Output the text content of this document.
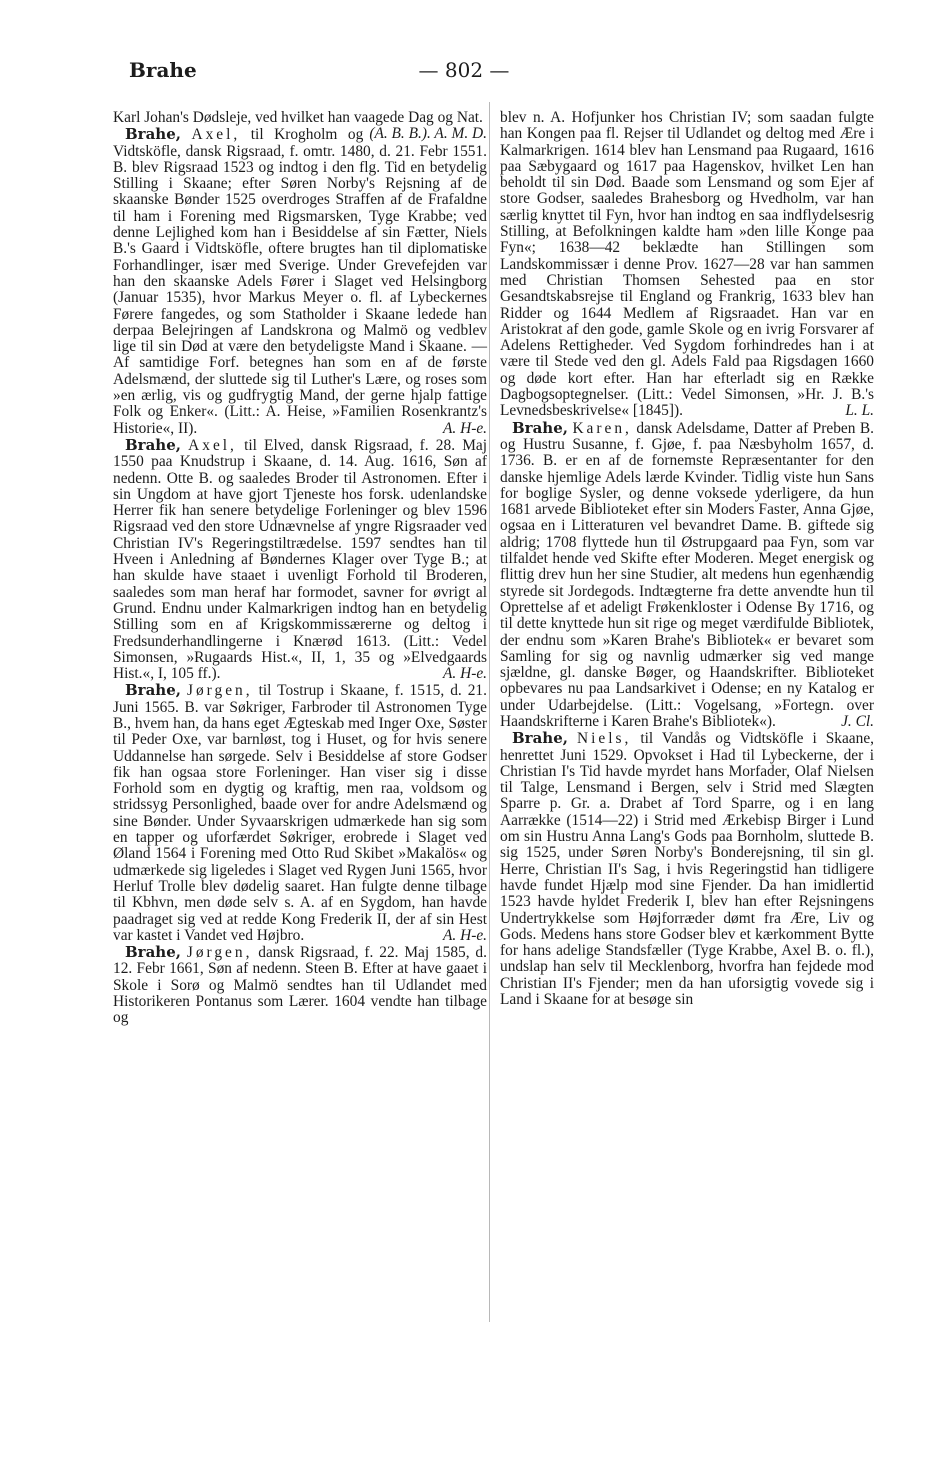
Brahe	— 802 —

Karl Johan's Dødsleje, ved hvilket han vaagede Dag og Nat.
(A. B. B.). A. M. D.

Brahe, Axel, til Krogholm og Vidtsköfle, dansk Rigsraad, f. omtr. 1480, d. 21. Febr 1551. B. blev Rigsraad 1523 og indtog i den flg. Tid en betydelig Stilling i Skaane; efter Søren Norby's Rejsning af de skaanske Bønder 1525 overdroges Straffen af de Frafaldne til ham i Forening med Rigsmarsken, Tyge Krabbe; ved denne Lejlighed kom han i Besiddelse af sin Fætter, Niels B.'s Gaard i Vidtsköfle, oftere brugtes han til diplomatiske Forhandlinger, især med Sverige. Under Grevefejden var han den skaanske Adels Fører i Slaget ved Helsingborg (Januar 1535), hvor Markus Meyer o. fl. af Lybeckernes Førere fangedes, og som Statholder i Skaane ledede han derpaa Belejringen af Landskrona og Malmö og vedblev lige til sin Død at være den betydeligste Mand i Skaane. — Af samtidige Forf. betegnes han som en af de første Adelsmænd, der sluttede sig til Luther's Lære, og roses som »en ærlig, vis og gudfrygtig Mand, der gerne hjalp fattige Folk og Enker«. (Litt.: A. Heise, »Familien Rosenkrantz's Historie«, II).	A. H-e.

Brahe, Axel, til Elved, dansk Rigsraad, f. 28. Maj 1550 paa Knudstrup i Skaane, d. 14. Aug. 1616, Søn af nedenn. Otte B. og saaledes Broder til Astronomen. Efter i sin Ungdom at have gjort Tjeneste hos forsk. udenlandske Herrer fik han senere betydelige Forleninger og blev 1596 Rigsraad ved den store Udnævnelse af yngre Rigsraader ved Christian IV's Regeringstiltrædelse. 1597 sendtes han til Hveen i Anledning af Bøndernes Klager over Tyge B.; at han skulde have staaet i uvenligt Forhold til Broderen, saaledes som man heraf har formodet, savner for øvrigt al Grund. Endnu under Kalmarkrigen indtog han en betydelig Stilling som en af Krigskommissærerne og deltog i Fredsunderhandlingerne i Knærød 1613. (Litt.: Vedel Simonsen, »Rugaards Hist.«, II, 1, 35 og »Elvedgaards Hist.«, I, 105 ff.).	A. H-e.

Brahe, Jørgen, til Tostrup i Skaane, f. 1515, d. 21. Juni 1565. B. var Søkriger, Farbroder til Astronomen Tyge B., hvem han, da hans eget Ægteskab med Inger Oxe, Søster til Peder Oxe, var barnløst, tog i Huset, og for hvis senere Uddannelse han sørgede. Selv i Besiddelse af store Godser fik han ogsaa store Forleninger. Han viser sig i disse Forhold som en dygtig og kraftig, men raa, voldsom og stridssyg Personlighed, baade over for andre Adelsmænd og sine Bønder. Under Syvaarskrigen udmærkede han sig som en tapper og uforfærdet Søkriger, erobrede i Slaget ved Øland 1564 i Forening med Otto Rud Skibet »Makalös« og udmærkede sig ligeledes i Slaget ved Rygen Juni 1565, hvor Herluf Trolle blev dødelig saaret. Han fulgte denne tilbage til Kbhvn, men døde selv s. A. af en Sygdom, han havde paadraget sig ved at redde Kong Frederik II, der af sin Hest var kastet i Vandet ved Højbro.	A. H-e.

Brahe, Jørgen, dansk Rigsraad, f. 22. Maj 1585, d. 12. Febr 1661, Søn af nedenn. Steen B. Efter at have gaaet i Skole i Sorø og Malmö sendtes han til Udlandet med Historikeren Pontanus som Lærer. 1604 vendte han tilbage og

blev n. A. Hofjunker hos Christian IV; som saadan fulgte han Kongen paa fl. Rejser til Udlandet og deltog med Ære i Kalmarkrigen. 1614 blev han Lensmand paa Rugaard, 1616 paa Sæbygaard og 1617 paa Hagenskov, hvilket Len han beholdt til sin Død. Baade som Lensmand og som Ejer af store Godser, saaledes Brahesborg og Hvedholm, var han særlig knyttet til Fyn, hvor han indtog en saa indflydelsesrig Stilling, at Befolkningen kaldte ham »den lille Konge paa Fyn«; 1638—42 beklædte han Stillingen som Landskommissær i denne Prov. 1627—28 var han sammen med Christian Thomsen Sehested paa en stor Gesandtskabsrejse til England og Frankrig, 1633 blev han Ridder og 1644 Medlem af Rigsraadet. Han var en Aristokrat af den gode, gamle Skole og en ivrig Forsvarer af Adelens Rettigheder. Ved Sygdom forhindredes han i at være til Stede ved den gl. Adels Fald paa Rigsdagen 1660 og døde kort efter. Han har efterladt sig en Række Dagbogsoptegnelser. (Litt.: Vedel Simonsen, »Hr. J. B.'s Levnedsbeskrivelse« [1845]).	L. L.

Brahe, Karen, dansk Adelsdame, Datter af Preben B. og Hustru Susanne, f. Gjøe, f. paa Næsbyholm 1657, d. 1736. B. er en af de fornemste Repræsentanter for den danske hjemlige Adels lærde Kvinder. Tidlig viste hun Sans for boglige Sysler, og denne voksede yderligere, da hun 1681 arvede Biblioteket efter sin Moders Faster, Anna Gjøe, ogsaa en i Litteraturen vel bevandret Dame. B. giftede sig aldrig; 1708 flyttede hun til Østrupgaard paa Fyn, som var tilfaldet hende ved Skifte efter Moderen. Meget energisk og flittig drev hun her sine Studier, alt medens hun egenhændig styrede sit Jordegods. Indtægterne fra dette anvendte hun til Oprettelse af et adeligt Frøkenkloster i Odense By 1716, og til dette knyttede hun sit rige og meget værdifulde Bibliotek, der endnu som »Karen Brahe's Bibliotek« er bevaret som Samling for sig og navnlig udmærker sig ved mange sjældne, gl. danske Bøger, og Haandskrifter. Biblioteket opbevares nu paa Landsarkivet i Odense; en ny Katalog er under Udarbejdelse. (Litt.: Vogelsang, »Fortegn. over Haandskrifterne i Karen Brahe's Bibliotek«).	J. Cl.

Brahe, Niels, til Vandås og Vidtsköfle i Skaane, henrettet Juni 1529. Opvokset i Had til Lybeckerne, der i Christian I's Tid havde myrdet hans Morfader, Olaf Nielsen til Talge, Lensmand i Bergen, selv i Strid med Slægten Sparre p. Gr. a. Drabet af Tord Sparre, og i en lang Aarrække (1514—22) i Strid med Ærkebisp Birger i Lund om sin Hustru Anna Lang's Gods paa Bornholm, sluttede B. sig 1525, under Søren Norby's Bonderejsning, til sin gl. Herre, Christian II's Sag, i hvis Regeringstid han tidligere havde fundet Hjælp mod sine Fjender. Da han imidlertid 1523 havde hyldet Frederik I, blev han efter Rejsningens Undertrykkelse som Højforræder dømt fra Ære, Liv og Gods. Medens hans store Godser blev et kærkomment Bytte for hans adelige Standsfæller (Tyge Krabbe, Axel B. o. fl.), undslap han selv til Mecklenborg, hvorfra han fejdede mod Christian II's Fjender; men da han uforsigtig vovede sig i Land i Skaane for at besøge sin
